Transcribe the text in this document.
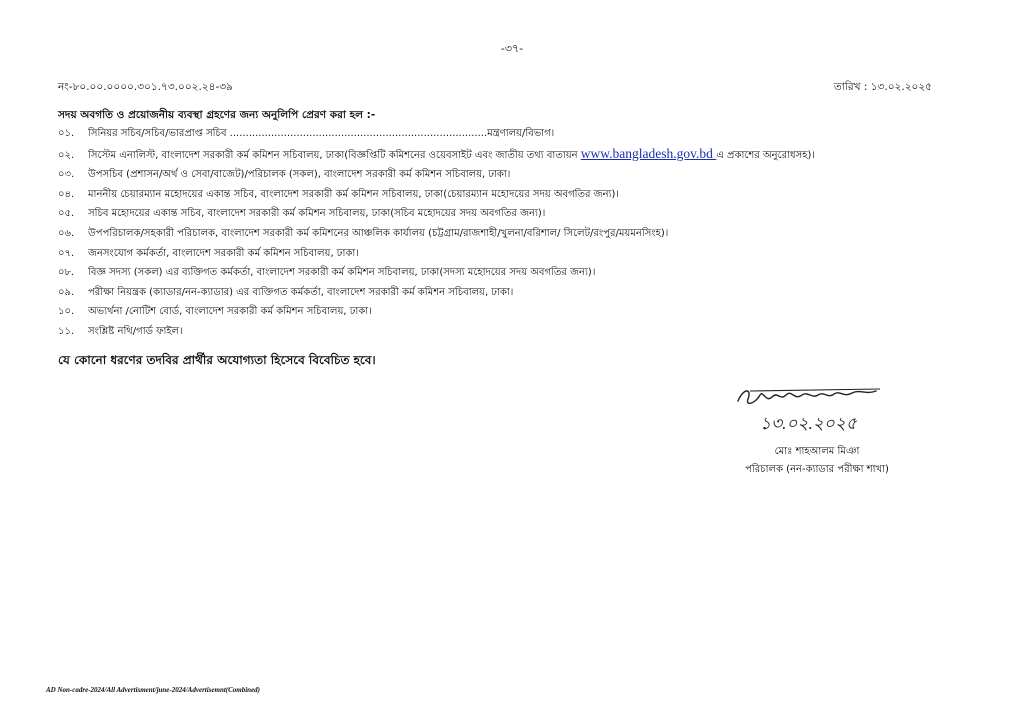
-৩৭-
নং-৮০.০০.০০০০.৩০১.৭৩.০০২.২৪-৩৯	তারিখ : ১৩.০২.২০২৫
সদয় অবগতি ও প্রয়োজনীয় ব্যবস্থা গ্রহণের জন্য অনুলিপি প্রেরণ করা হল :-
০১.	সিনিয়র সচিব/সচিব/ভারপ্রাপ্ত সচিব .................................................................................মন্ত্রণালয়/বিভাগ।
০২.	সিস্টেম এনালিস্ট, বাংলাদেশ সরকারী কর্ম কমিশন সচিবালয়, ঢাকা(বিজ্ঞপ্তিটি কমিশনের ওয়েবসাইট এবং জাতীয় তথ্য বাতায়ন www.bangladesh.gov.bd এ প্রকাশের অনুরোধসহ)।
০৩.	উপসচিব (প্রশাসন/অর্থ ও সেবা/বাজেট)/পরিচালক (সকল), বাংলাদেশ সরকারী কর্ম কমিশন সচিবালয়, ঢাকা।
০৪.	মাননীয় চেয়ারম্যান মহোদয়ের একান্ত সচিব, বাংলাদেশ সরকারী কর্ম কমিশন সচিবালয়, ঢাকা(চেয়ারম্যান মহোদয়ের সদয় অবগতির জন্য)।
০৫.	সচিব মহোদয়ের একান্ত সচিব, বাংলাদেশ সরকারী কর্ম কমিশন সচিবালয়, ঢাকা(সচিব মহোদয়ের সদয় অবগতির জন্য)।
০৬.	উপপরিচালক/সহকারী পরিচালক, বাংলাদেশ সরকারী কর্ম কমিশনের আঞ্চলিক কার্যালয় (চট্টগ্রাম/রাজশাহী/খুলনা/বরিশাল/ সিলেট/রংপুর/ময়মনসিংহ)।
০৭.	জনসংযোগ কর্মকর্তা, বাংলাদেশ সরকারী কর্ম কমিশন সচিবালয়, ঢাকা।
০৮.	বিজ্ঞ সদস্য (সকল) এর ব্যক্তিগত কর্মকর্তা, বাংলাদেশ সরকারী কর্ম কমিশন সচিবালয়, ঢাকা(সদস্য মহোদয়ের সদয় অবগতির জন্য)।
০৯.	পরীক্ষা নিয়ন্ত্রক (ক্যাডার/নন-ক্যাডার) এর ব্যক্তিগত কর্মকর্তা, বাংলাদেশ সরকারী কর্ম কমিশন সচিবালয়, ঢাকা।
১০.	অভ্যর্থনা /নোটিশ বোর্ড, বাংলাদেশ সরকারী কর্ম কমিশন সচিবালয়, ঢাকা।
১১.	সংশ্লিষ্ট নথি/গার্ড ফাইল।
যে কোনো ধরণের তদবির প্রার্থীর অযোগ্যতা হিসেবে বিবেচিত হবে।
১৩.০২.২০২৫
মোঃ শাহআলম মিঞা
পরিচালক (নন-ক্যাডার পরীক্ষা শাখা)
AD Non-cadre-2024/All Advertisment/june-2024/Advertisemnt(Combined)
